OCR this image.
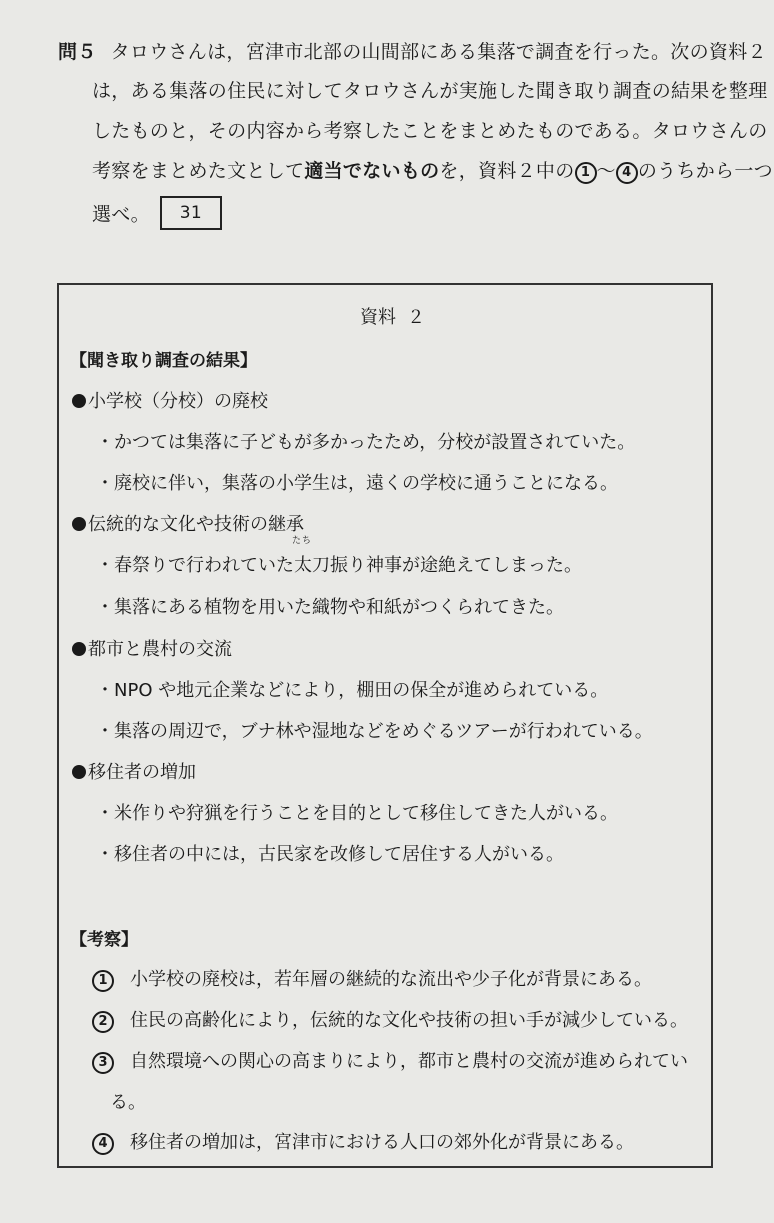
問５ タロウさんは，宮津市北部の山間部にある集落で調査を行った。次の資料２
は，ある集落の住民に対してタロウさんが実施した聞き取り調査の結果を整理
したものと，その内容から考察したことをまとめたものである。タロウさんの
考察をまとめた文として適当でないものを，資料２中の 1 ～ 4 のうちから一つ
選べ。 31
資料 ２
【聞き取り調査の結果】
小学校（分校）の廃校
・かつては集落に子どもが多かったため，分校が設置されていた。
・廃校に伴い，集落の小学生は，遠くの学校に通うことになる。
伝統的な文化や技術の継承
たち
・春祭りで行われていた太刀振り神事が途絶えてしまった。
・集落にある植物を用いた織物や和紙がつくられてきた。
都市と農村の交流
・NPO や地元企業などにより，棚田の保全が進められている。
・集落の周辺で，ブナ林や湿地などをめぐるツアーが行われている。
移住者の増加
・米作りや狩猟を行うことを目的として移住してきた人がいる。
・移住者の中には，古民家を改修して居住する人がいる。
【考察】
1 小学校の廃校は，若年層の継続的な流出や少子化が背景にある。
2 住民の高齢化により，伝統的な文化や技術の担い手が減少している。
3 自然環境への関心の高まりにより，都市と農村の交流が進められてい
る。
4 移住者の増加は，宮津市における人口の郊外化が背景にある。
